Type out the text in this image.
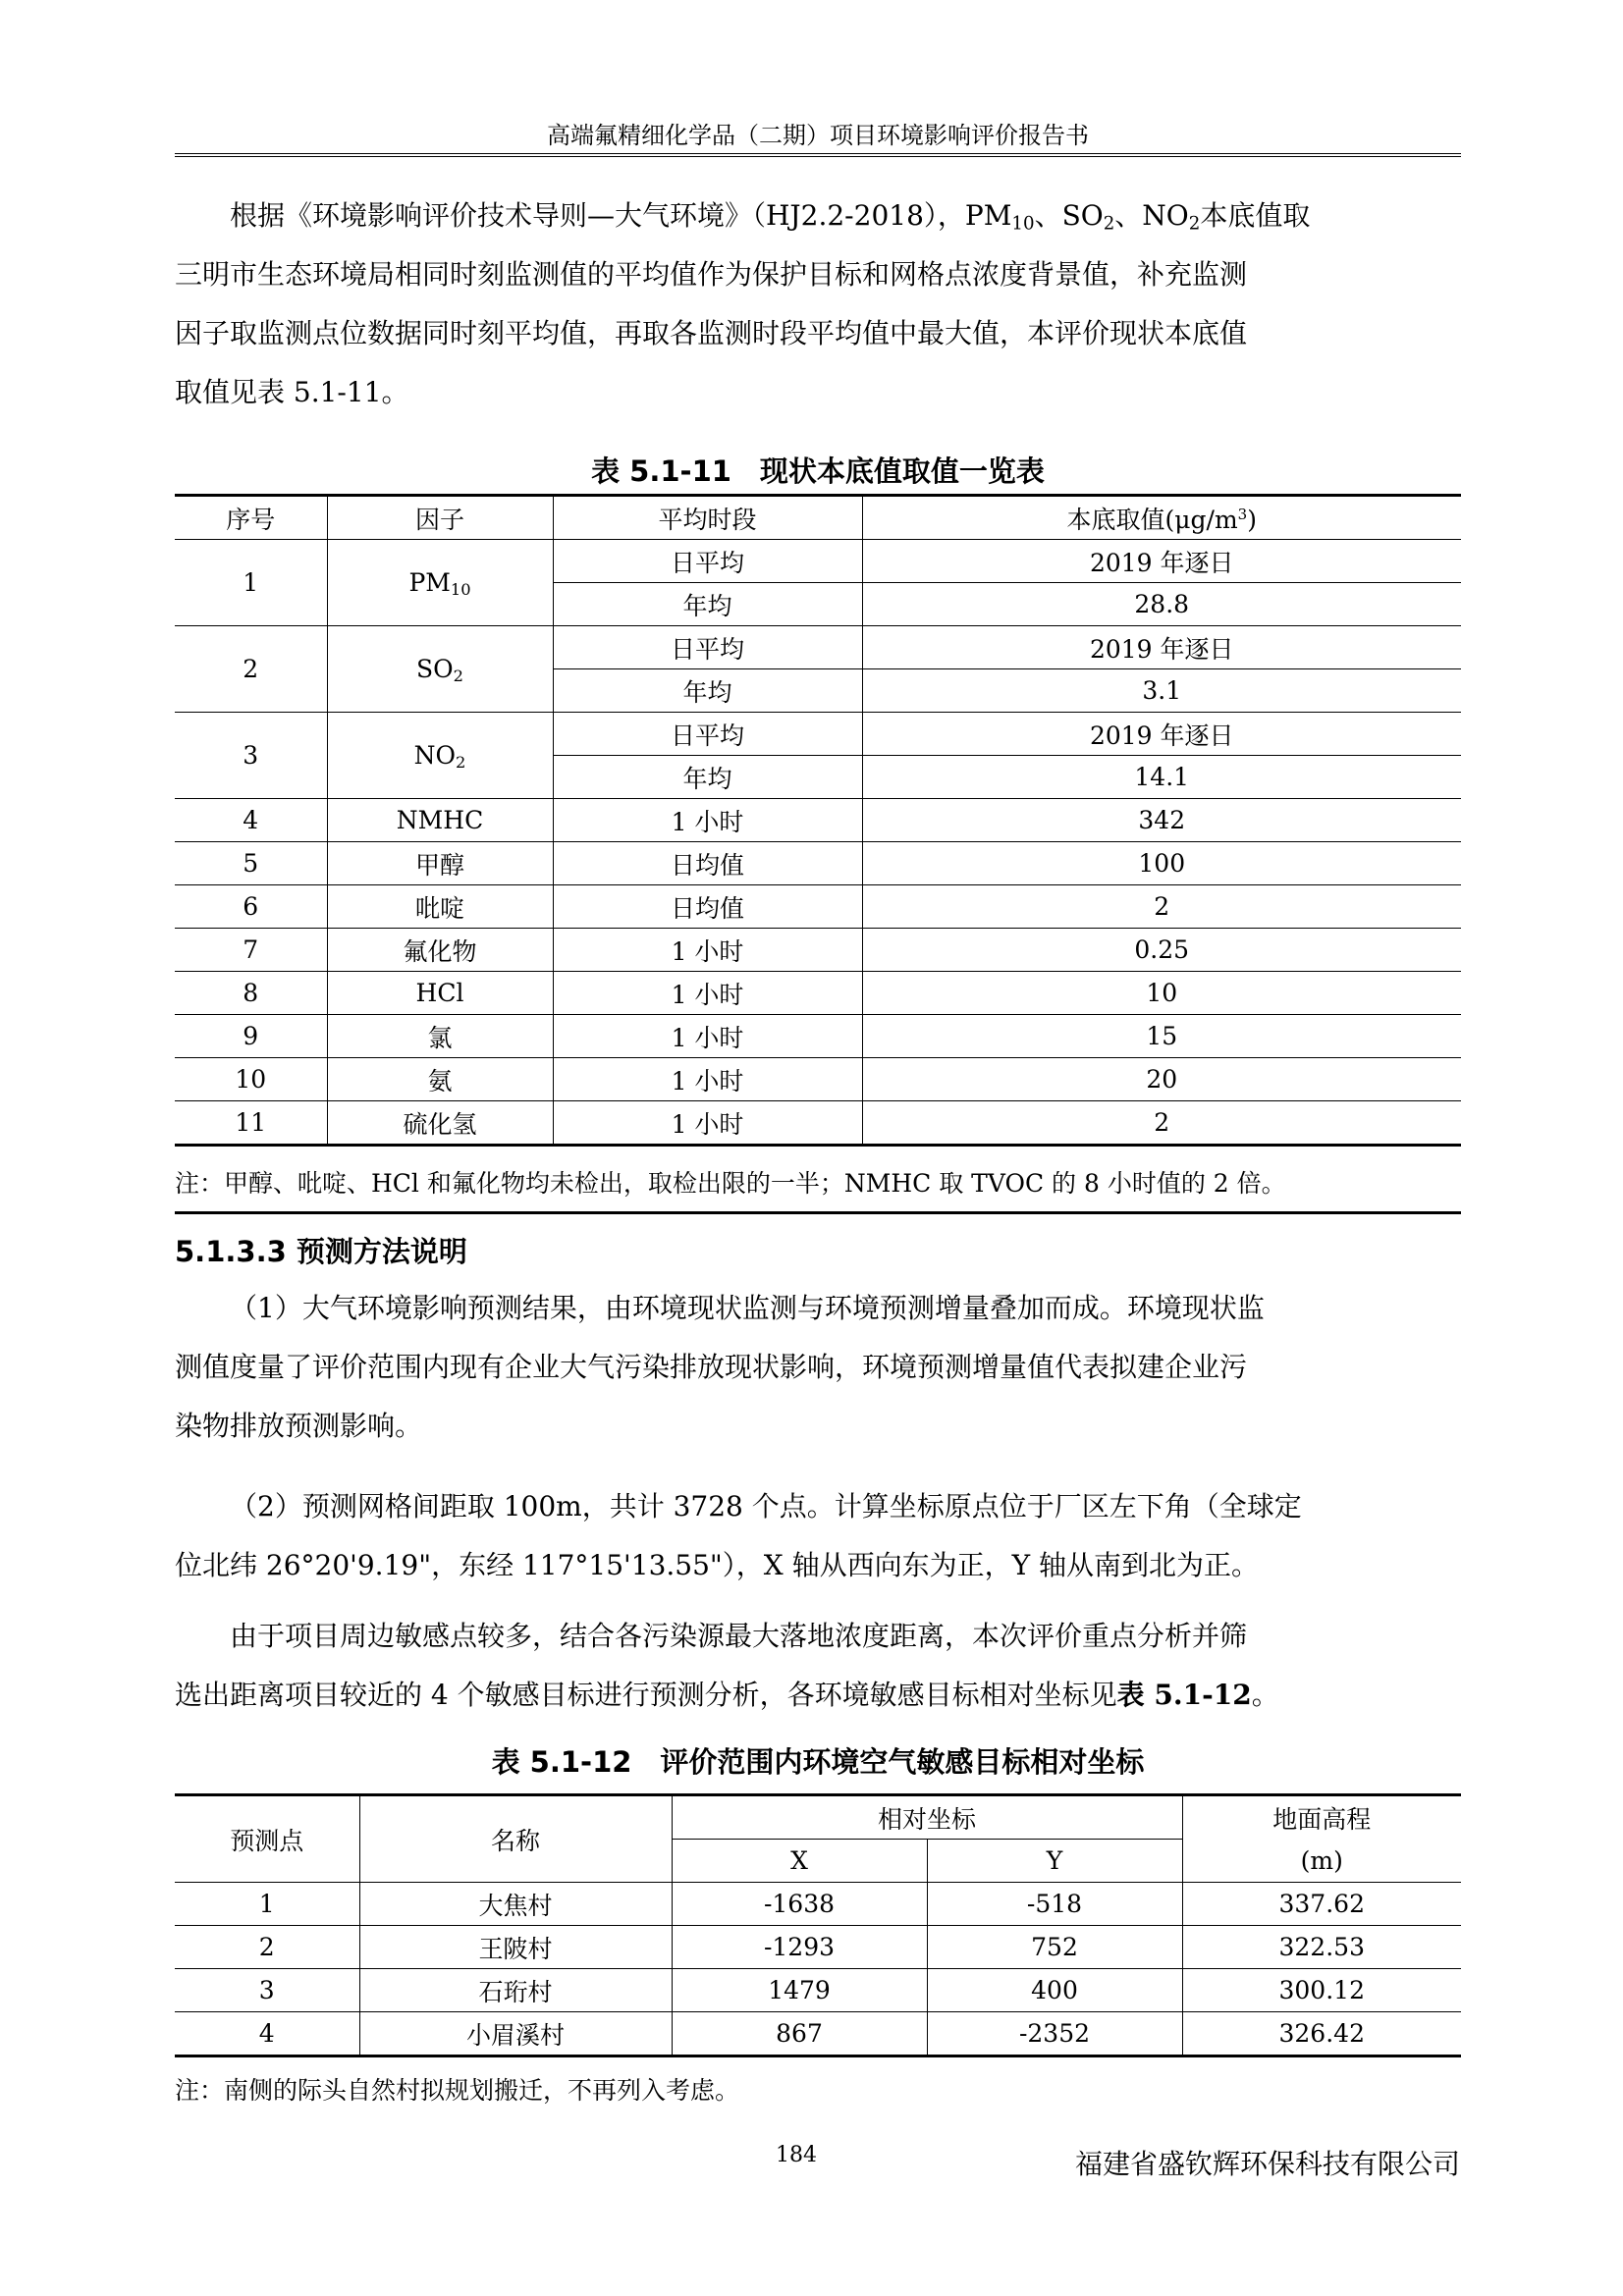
高端氟精细化学品（二期）项目环境影响评价报告书
根据《环境影响评价技术导则—大气环境》（HJ2.2-2018），$PM_{10}$、$SO_2$、$NO_2$本底值取
三明市生态环境局相同时刻监测值的平均值作为保护目标和网格点浓度背景值，补充监测
因子取监测点位数据同时刻平均值，再取各监测时段平均值中最大值，本评价现状本底值
取值见表 5.1-11。
表 5.1-11　现状本底值取值一览表
序号	因子	平均时段	本底取值$(\mu g/m^3)$
1	$PM_{10}$	日平均	2019 年逐日
		年均	28.8
2	$SO_2$	日平均	2019 年逐日
		年均	3.1
3	$NO_2$	日平均	2019 年逐日
		年均	14.1
4	NMHC	1 小时	342
5	甲醇	日均值	100
6	吡啶	日均值	2
7	氟化物	1 小时	0.25
8	HCl	1 小时	10
9	氯	1 小时	15
10	氨	1 小时	20
11	硫化氢	1 小时	2
注：甲醇、吡啶、HCl 和氟化物均未检出，取检出限的一半；NMHC 取 TVOC 的 8 小时值的 2 倍。
5.1.3.3 预测方法说明
（1）大气环境影响预测结果，由环境现状监测与环境预测增量叠加而成。环境现状监
测值度量了评价范围内现有企业大气污染排放现状影响，环境预测增量值代表拟建企业污
染物排放预测影响。
（2）预测网格间距取 100m，共计 3728 个点。计算坐标原点位于厂区左下角（全球定
位北纬 26°20'9.19"，东经 117°15'13.55"），X 轴从西向东为正，Y 轴从南到北为正。
由于项目周边敏感点较多，结合各污染源最大落地浓度距离，本次评价重点分析并筛
选出距离项目较近的 4 个敏感目标进行预测分析，各环境敏感目标相对坐标见表 5.1-12。
表 5.1-12　评价范围内环境空气敏感目标相对坐标
预测点	名称	相对坐标		地面高程
		X	Y	(m)
1	大焦村	-1638	-518	337.62
2	王陂村	-1293	752	322.53
3	石珩村	1479	400	300.12
4	小眉溪村	867	-2352	326.42
注：南侧的际头自然村拟规划搬迁，不再列入考虑。
184	福建省盛钦辉环保科技有限公司
